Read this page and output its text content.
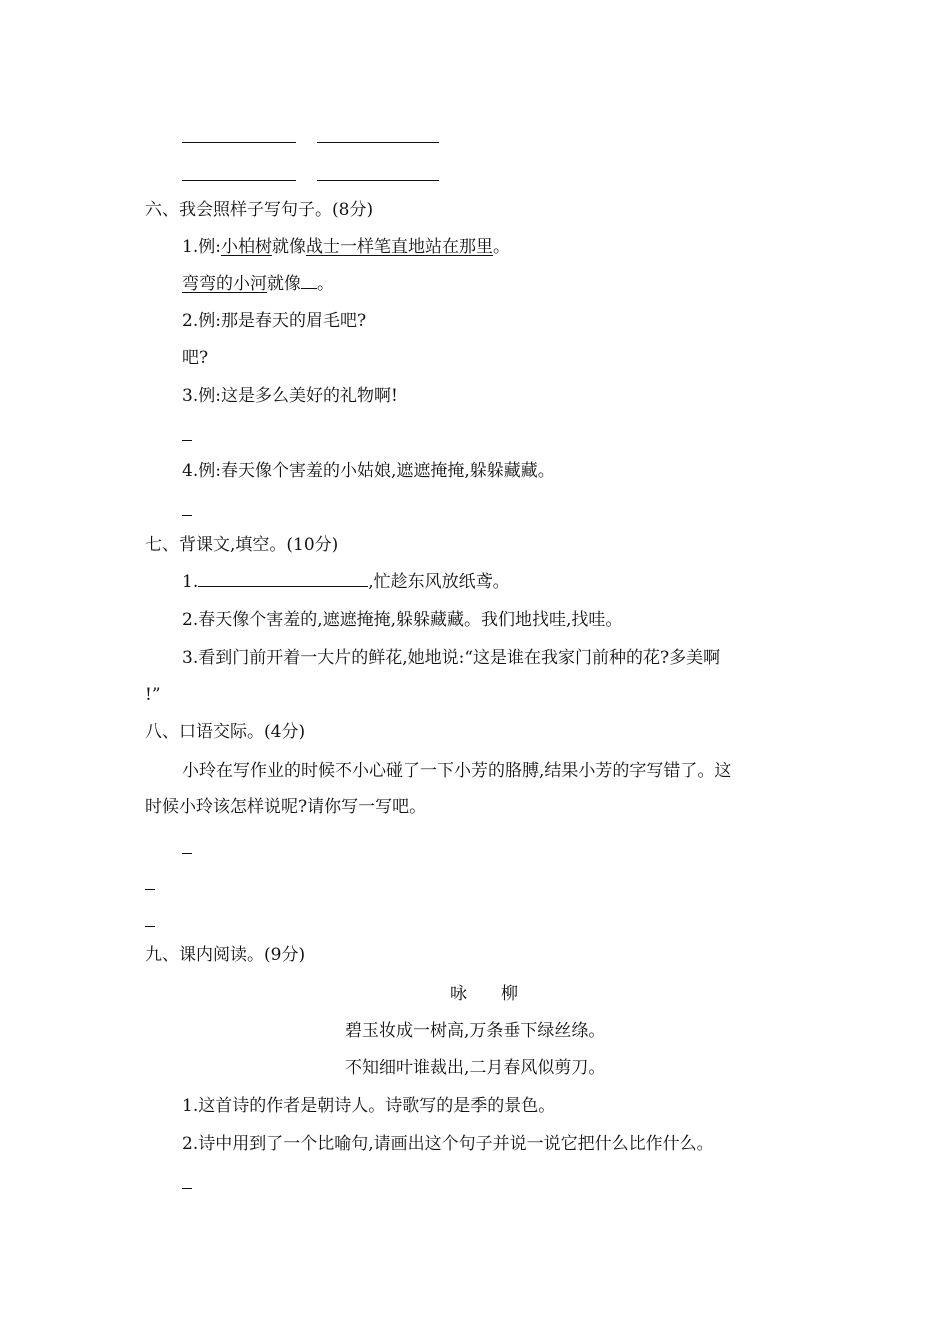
六、我会照样子写句子。(8分)
1.例:小柏树就像战士一样笔直地站在那里。
弯弯的小河就像 。
2.例:那是春天的眉毛吧?
吧?
3.例:这是多么美好的礼物啊!
4.例:春天像个害羞的小姑娘,遮遮掩掩,躲躲藏藏。
七、背课文,填空。(10分)
1.	,忙趁东风放纸鸢。
2.春天像个害羞的,遮遮掩掩,躲躲藏藏。我们地找哇,找哇。
3.看到门前开着一大片的鲜花,她地说:“这是谁在我家门前种的花?多美啊
!”
八、口语交际。(4分)
小玲在写作业的时候不小心碰了一下小芳的胳膊,结果小芳的字写错了。这
时候小玲该怎样说呢?请你写一写吧。
九、课内阅读。(9分)
咏　　柳
碧玉妆成一树高,万条垂下绿丝绦。
不知细叶谁裁出,二月春风似剪刀。
1.这首诗的作者是朝诗人。诗歌写的是季的景色。
2.诗中用到了一个比喻句,请画出这个句子并说一说它把什么比作什么。
